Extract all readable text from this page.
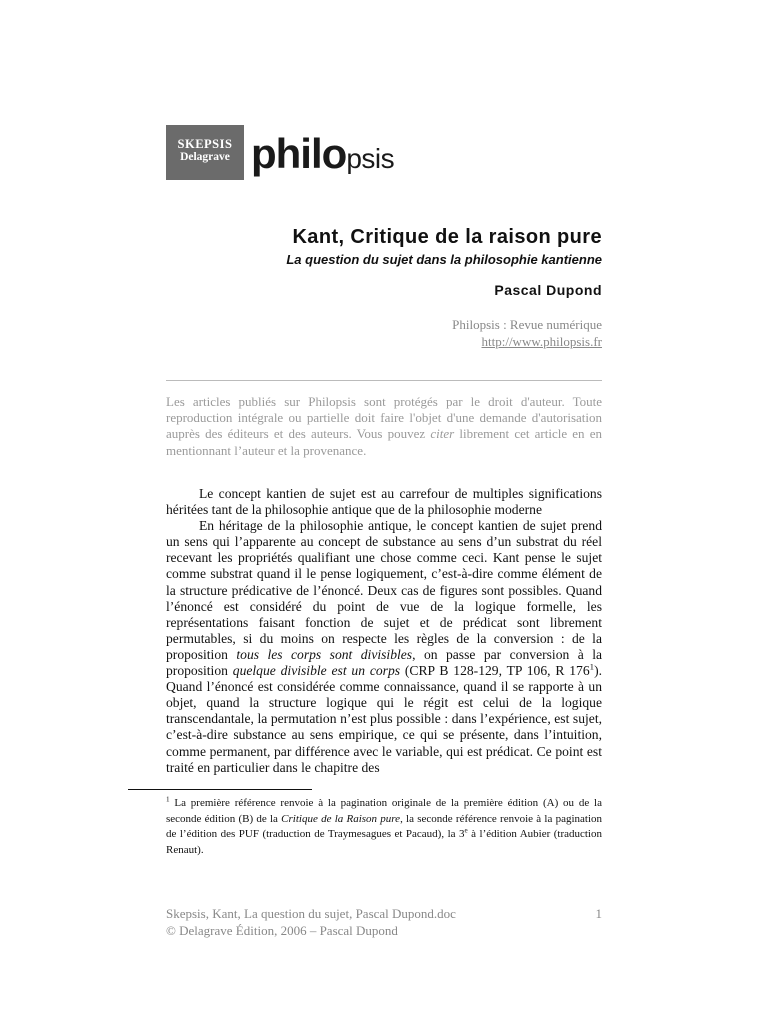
SKEPSIS
Delagrave philopsis
Kant, Critique de la raison pure
La question du sujet dans la philosophie kantienne
Pascal Dupond
Philopsis : Revue numérique
http://www.philopsis.fr
Les articles publiés sur Philopsis sont protégés par le droit d'auteur. Toute reproduction intégrale ou partielle doit faire l'objet d'une demande d'autorisation auprès des éditeurs et des auteurs. Vous pouvez citer librement cet article en en mentionnant l’auteur et la provenance.

Le concept kantien de sujet est au carrefour de multiples significations héritées tant de la philosophie antique que de la philosophie moderne

En héritage de la philosophie antique, le concept kantien de sujet prend un sens qui l’apparente au concept de substance au sens d’un substrat du réel recevant les propriétés qualifiant une chose comme ceci. Kant pense le sujet comme substrat quand il le pense logiquement, c’est-à-dire comme élément de la structure prédicative de l’énoncé. Deux cas de figures sont possibles. Quand l’énoncé est considéré du point de vue de la logique formelle, les représentations faisant fonction de sujet et de prédicat sont librement permutables, si du moins on respecte les règles de la conversion : de la proposition tous les corps sont divisibles, on passe par conversion à la proposition quelque divisible est un corps (CRP B 128-129, TP 106, R $176^1$). Quand l’énoncé est considérée comme connaissance, quand il se rapporte à un objet, quand la structure logique qui le régit est celui de la logique transcendantale, la permutation n’est plus possible : dans l’expérience, est sujet, c’est-à-dire substance au sens empirique, ce qui se présente, dans l’intuition, comme permanent, par différence avec le variable, qui est prédicat. Ce point est traité en particulier dans le chapitre des

$^1$ La première référence renvoie à la pagination originale de la première édition (A) ou de la seconde édition (B) de la Critique de la Raison pure, la seconde référence renvoie à la pagination de l’édition des PUF (traduction de Traymesagues et Pacaud), la 3e à l’édition Aubier (traduction Renaut).
Skepsis, Kant, La question du sujet, Pascal Dupond.doc	1
© Delagrave Édition, 2006 – Pascal Dupond
